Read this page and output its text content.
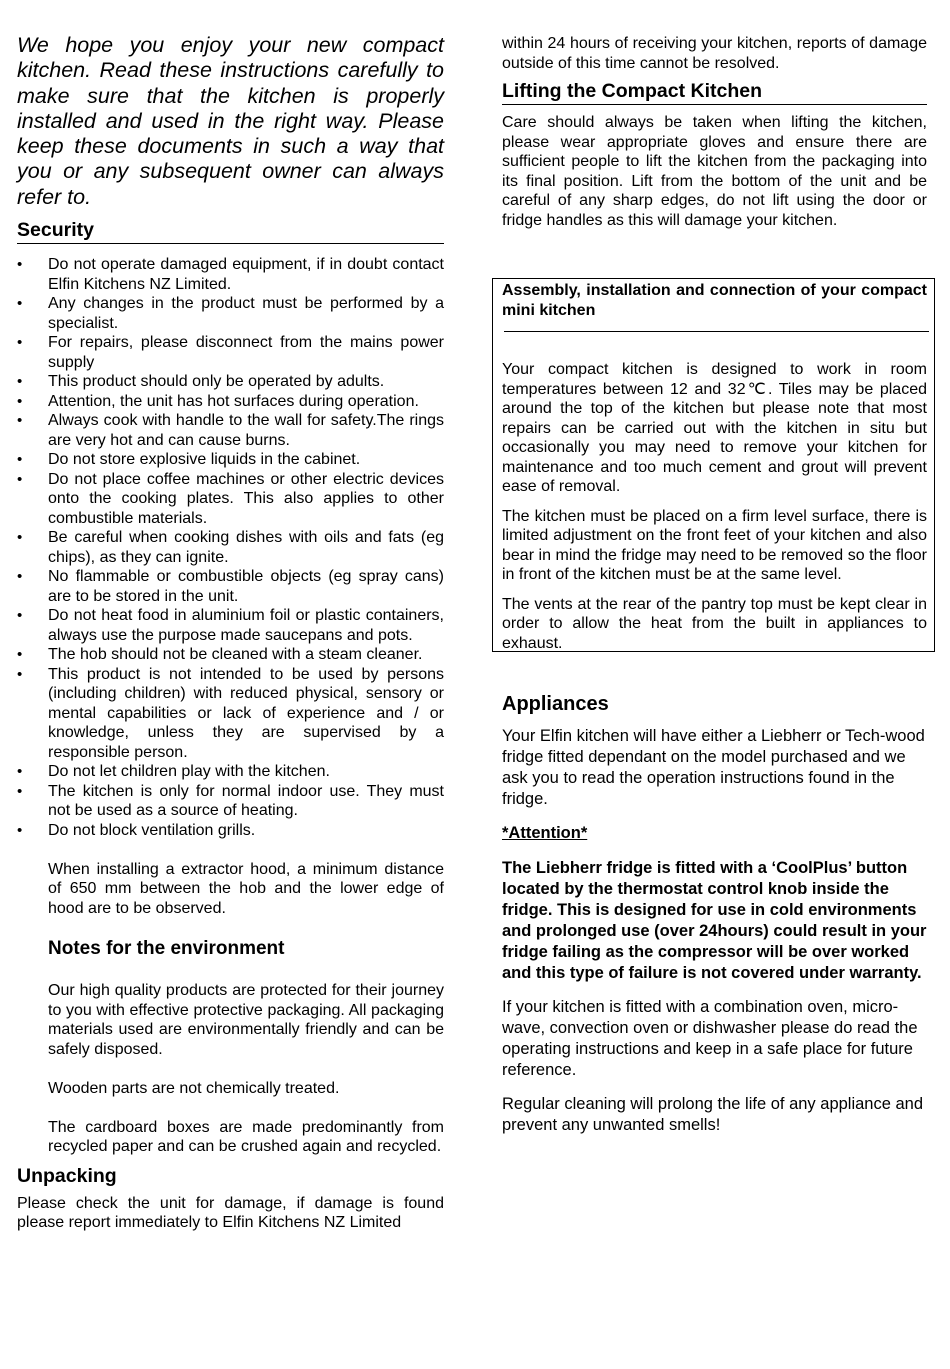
We hope you enjoy your new compact kitchen. Read these instructions carefully to make sure that the kitchen is properly installed and used in the right way. Please keep these documents in such a way that you or any subsequent owner can always refer to.

Security
• Do not operate damaged equipment, if in doubt contact Elfin Kitchens NZ Limited.
• Any changes in the product must be performed by a specialist.
• For repairs, please disconnect from the mains power supply
• This product should only be operated by adults.
• Attention, the unit has hot surfaces during operation.
• Always cook with handle to the wall for safety.The rings are very hot and can cause burns.
• Do not store explosive liquids in the cabinet.
• Do not place coffee machines or other electric devices onto the cooking plates. This also applies to other combustible materials.
• Be careful when cooking dishes with oils and fats (eg chips), as they can ignite.
• No flammable or combustible objects (eg spray cans) are to be stored in the unit.
• Do not heat food in aluminium foil or plastic containers, always use the purpose made saucepans and pots.
• The hob should not be cleaned with a steam cleaner.
• This product is not intended to be used by persons (including children) with reduced physical, sensory or mental capabilities or lack of experience and / or knowledge, unless they are supervised by a responsible person.
• Do not let children play with the kitchen.
• The kitchen is only for normal indoor use. They must not be used as a source of heating.
• Do not block ventilation grills.
When installing a extractor hood, a minimum distance of 650 mm between the hob and the lower edge of hood are to be observed.
Notes for the environment
Our high quality products are protected for their journey to you with effective protective packaging. All packaging materials used are environmentally friendly and can be safely disposed.
Wooden parts are not chemically treated.
The cardboard boxes are made predominantly from recycled paper and can be crushed again and recycled.
Unpacking

Please check the unit for damage, if damage is found please report immediately to Elfin Kitchens NZ Limited

within 24 hours of receiving your kitchen, reports of damage outside of this time cannot be resolved.

Lifting the Compact Kitchen

Care should always be taken when lifting the kitchen, please wear appropriate gloves and ensure there are sufficient people to lift the kitchen from the packaging into its final position. Lift from the bottom of the unit and be careful of any sharp edges, do not lift using the door or fridge handles as this will damage your kitchen.

Assembly, installation and connection of your compact mini kitchen

Your compact kitchen is designed to work in room temperatures between 12 and 32℃. Tiles may be placed around the top of the kitchen but please note that most repairs can be carried out with the kitchen in situ but occasionally you may need to remove your kitchen for maintenance and too much cement and grout will prevent ease of removal.

The kitchen must be placed on a firm level surface, there is limited adjustment on the front feet of your kitchen and also bear in mind the fridge may need to be removed so the floor in front of the kitchen must be at the same level.

The vents at the rear of the pantry top must be kept clear in order to allow the heat from the built in appliances to exhaust.

Appliances

Your Elfin kitchen will have either a Liebherr or Tech-wood fridge fitted dependant on the model purchased and we ask you to read the operation instructions found in the fridge.

*Attention*

The Liebherr fridge is fitted with a ‘CoolPlus’ button located by the thermostat control knob inside the fridge. This is designed for use in cold environments and prolonged use (over 24hours) could result in your fridge failing as the compressor will be over worked and this type of failure is not covered under warranty.

If your kitchen is fitted with a combination oven, micro-wave, convection oven or dishwasher please do read the operating instructions and keep in a safe place for future reference.

Regular cleaning will prolong the life of any appliance and prevent any unwanted smells!
